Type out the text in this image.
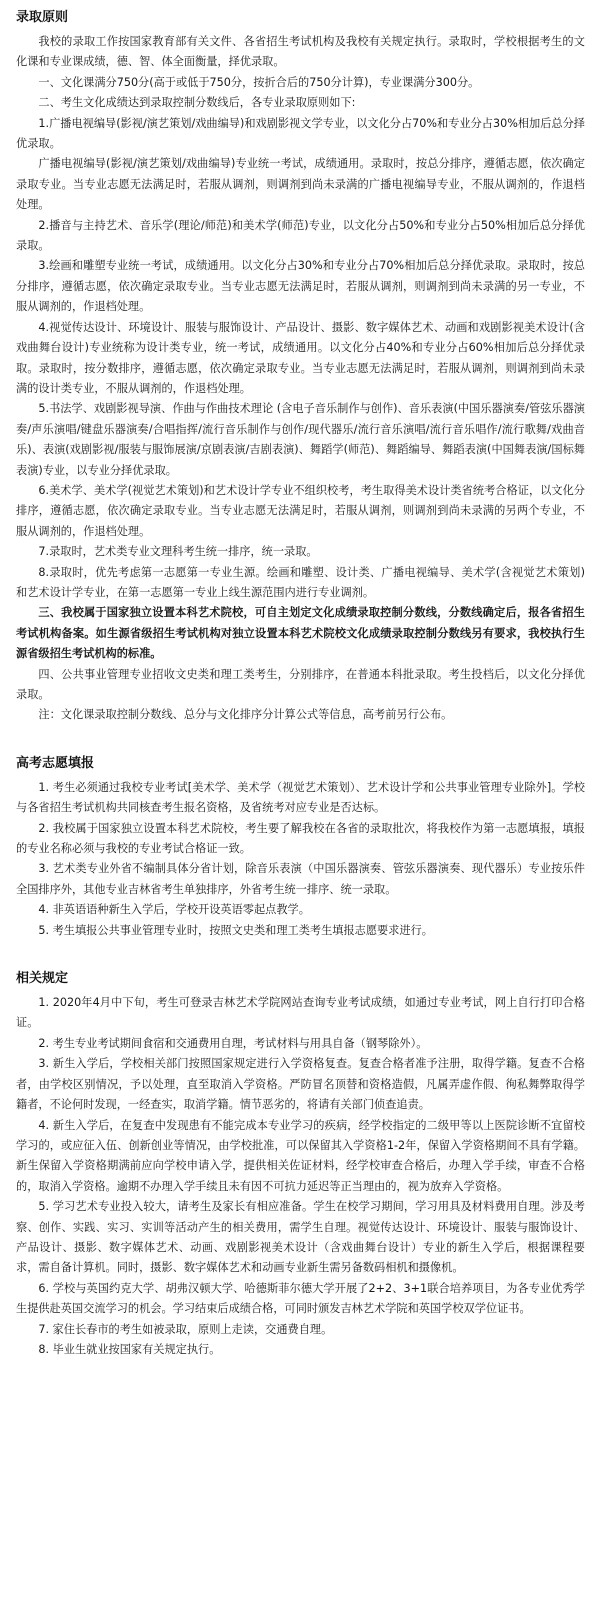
录取原则

我校的录取工作按国家教育部有关文件、各省招生考试机构及我校有关规定执行。录取时，学校根据考生的文化课和专业课成绩，德、智、体全面衡量，择优录取。

一、文化课满分750分(高于或低于750分，按折合后的750分计算)，专业课满分300分。

二、考生文化成绩达到录取控制分数线后，各专业录取原则如下:

1.广播电视编导(影视/演艺策划/戏曲编导)和戏剧影视文学专业，以文化分占70%和专业分占30%相加后总分择优录取。

广播电视编导(影视/演艺策划/戏曲编导)专业统一考试，成绩通用。录取时，按总分排序，遵循志愿，依次确定录取专业。当专业志愿无法满足时，若服从调剂，则调剂到尚未录满的广播电视编导专业，不服从调剂的，作退档处理。

2.播音与主持艺术、音乐学(理论/师范)和美术学(师范)专业，以文化分占50%和专业分占50%相加后总分择优录取。

3.绘画和雕塑专业统一考试，成绩通用。以文化分占30%和专业分占70%相加后总分择优录取。录取时，按总分排序，遵循志愿，依次确定录取专业。当专业志愿无法满足时，若服从调剂，则调剂到尚未录满的另一专业，不服从调剂的，作退档处理。

4.视觉传达设计、环境设计、服装与服饰设计、产品设计、摄影、数字媒体艺术、动画和戏剧影视美术设计(含戏曲舞台设计)专业统称为设计类专业，统一考试，成绩通用。以文化分占40%和专业分占60%相加后总分择优录取。录取时，按分数排序，遵循志愿，依次确定录取专业。当专业志愿无法满足时，若服从调剂，则调剂到尚未录满的设计类专业，不服从调剂的，作退档处理。

5.书法学、戏剧影视导演、作曲与作曲技术理论 (含电子音乐制作与创作)、音乐表演(中国乐器演奏/管弦乐器演奏/声乐演唱/键盘乐器演奏/合唱指挥/流行音乐制作与创作/现代器乐/流行音乐演唱/流行音乐唱作/流行歌舞/戏曲音乐)、表演(戏剧影视/服装与服饰展演/京剧表演/吉剧表演)、舞蹈学(师范)、舞蹈编导、舞蹈表演(中国舞表演/国标舞表演)专业，以专业分择优录取。

6.美术学、美术学(视觉艺术策划)和艺术设计学专业不组织校考，考生取得美术设计类省统考合格证，以文化分排序，遵循志愿，依次确定录取专业。当专业志愿无法满足时，若服从调剂，则调剂到尚未录满的另两个专业，不服从调剂的，作退档处理。

7.录取时，艺术类专业文理科考生统一排序，统一录取。

8.录取时，优先考虑第一志愿第一专业生源。绘画和雕塑、设计类、广播电视编导、美术学(含视觉艺术策划) 和艺术设计学专业，在第一志愿第一专业上线生源范围内进行专业调剂。

三、我校属于国家独立设置本科艺术院校，可自主划定文化成绩录取控制分数线，分数线确定后，报各省招生考试机构备案。如生源省级招生考试机构对独立设置本科艺术院校文化成绩录取控制分数线另有要求，我校执行生源省级招生考试机构的标准。

四、公共事业管理专业招收文史类和理工类考生，分别排序，在普通本科批录取。考生投档后，以文化分择优录取。

注：文化课录取控制分数线、总分与文化排序分计算公式等信息，高考前另行公布。

高考志愿填报

1. 考生必须通过我校专业考试[美术学、美术学（视觉艺术策划）、艺术设计学和公共事业管理专业除外]。学校与各省招生考试机构共同核查考生报名资格，及省统考对应专业是否达标。

2. 我校属于国家独立设置本科艺术院校，考生要了解我校在各省的录取批次，将我校作为第一志愿填报，填报的专业名称必须与我校的专业考试合格证一致。

3. 艺术类专业外省不编制具体分省计划，除音乐表演（中国乐器演奏、管弦乐器演奏、现代器乐）专业按乐件全国排序外，其他专业吉林省考生单独排序，外省考生统一排序、统一录取。

4. 非英语语种新生入学后，学校开设英语零起点教学。

5. 考生填报公共事业管理专业时，按照文史类和理工类考生填报志愿要求进行。

相关规定

1. 2020年4月中下旬，考生可登录吉林艺术学院网站查询专业考试成绩，如通过专业考试，网上自行打印合格证。

2. 考生专业考试期间食宿和交通费用自理，考试材料与用具自备（钢琴除外）。

3. 新生入学后，学校相关部门按照国家规定进行入学资格复查。复查合格者准予注册，取得学籍。复查不合格者，由学校区别情况，予以处理，直至取消入学资格。严防冒名顶替和资格造假，凡属弄虚作假、徇私舞弊取得学籍者，不论何时发现，一经查实，取消学籍。情节恶劣的，将请有关部门侦查追责。

4. 新生入学后，在复查中发现患有不能完成本专业学习的疾病，经学校指定的二级甲等以上医院诊断不宜留校学习的，或应征入伍、创新创业等情况，由学校批准，可以保留其入学资格1-2年，保留入学资格期间不具有学籍。新生保留入学资格期满前应向学校申请入学，提供相关佐证材料，经学校审查合格后，办理入学手续，审查不合格的，取消入学资格。逾期不办理入学手续且未有因不可抗力延迟等正当理由的，视为放弃入学资格。

5. 学习艺术专业投入较大，请考生及家长有相应准备。学生在校学习期间，学习用具及材料费用自理。涉及考察、创作、实践、实习、实训等活动产生的相关费用，需学生自理。视觉传达设计、环境设计、服装与服饰设计、产品设计、摄影、数字媒体艺术、动画、戏剧影视美术设计（含戏曲舞台设计）专业的新生入学后，根据课程要求，需自备计算机。同时，摄影、数字媒体艺术和动画专业新生需另备数码相机和摄像机。

6. 学校与英国约克大学、胡弗汉顿大学、哈德斯菲尔德大学开展了2+2、3+1联合培养项目，为各专业优秀学生提供赴英国交流学习的机会。学习结束后成绩合格，可同时颁发吉林艺术学院和英国学校双学位证书。

7. 家住长春市的考生如被录取，原则上走读，交通费自理。

8. 毕业生就业按国家有关规定执行。
